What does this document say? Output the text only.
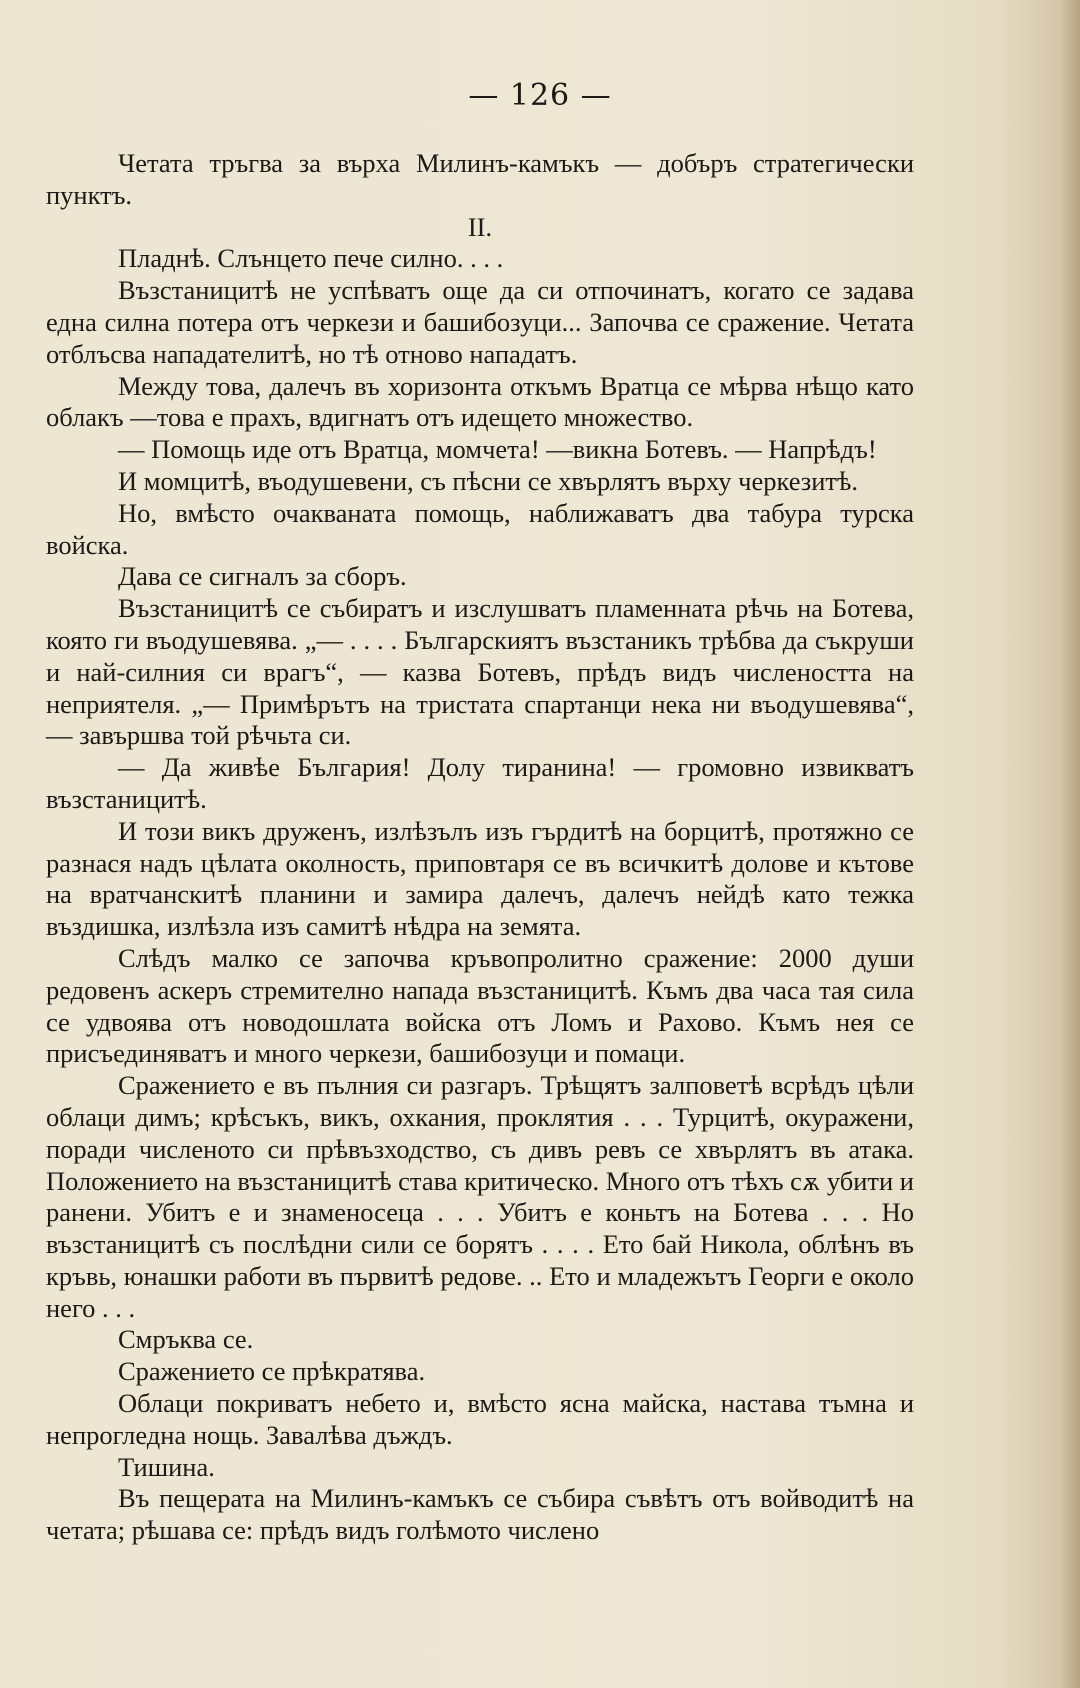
— 126 —

Четата тръгва за върха Милинъ-камъкъ — добъръ стратегически пунктъ.

II.

Пладнѣ. Слънцето пече силно. . . .

Възстаницитѣ не успѣватъ още да си отпочинатъ, когато се задава една силна потера отъ черкези и башибозуци... Започва се сражение. Четата отблъсва нападателитѣ, но тѣ отново нападатъ.

Между това, далечъ въ хоризонта откъмъ Вратца се мѣрва нѣщо като облакъ —това е прахъ, вдигнатъ отъ идещето множество.

— Помощь иде отъ Вратца, момчета! —викна Ботевъ. — Напрѣдъ!

И момцитѣ, въодушевени, съ пѣсни се хвърлятъ върху черкезитѣ.

Но, вмѣсто очакваната помощь, наближаватъ два табура турска войска.

Дава се сигналъ за сборъ.

Възстаницитѣ се събиратъ и изслушватъ пламенната рѣчь на Ботева, която ги въодушевява. „— . . . . Българскиятъ възстаникъ трѣбва да съкруши и най-силния си врагъ“, — казва Ботевъ, прѣдъ видъ числеността на неприятеля. „— Примѣрътъ на тристата спартанци нека ни въодушевява“, — завършва той рѣчьта си.

— Да живѣе България! Долу тиранина! — громовно извикватъ възстаницитѣ.

И този викъ друженъ, излѣзълъ изъ гърдитѣ на борцитѣ, протяжно се разнася надъ цѣлата околность, приповтаря се въ всичкитѣ долове и кътове на вратчанскитѣ планини и замира далечъ, далечъ нейдѣ като тежка въздишка, излѣзла изъ самитѣ нѣдра на земята.

Слѣдъ малко се започва кръвопролитно сражение: 2000 души редовенъ аскеръ стремително напада възстаницитѣ. Къмъ два часа тая сила се удвоява отъ новодошлата войска отъ Ломъ и Рахово. Къмъ нея се присъединяватъ и много черкези, башибозуци и помаци.

Сражението е въ пълния си разгаръ. Трѣщятъ залповетѣ всрѣдъ цѣли облаци димъ; крѣсъкъ, викъ, охкания, проклятия . . . Турцитѣ, окуражени, поради численото си прѣвъзходство, съ дивъ ревъ се хвърлятъ въ атака. Положението на възстаницитѣ става критическо. Много отъ тѣхъ сѫ убити и ранени. Убитъ е и знаменосеца . . . Убитъ е коньтъ на Ботева . . . Но възстаницитѣ съ послѣдни сили се борятъ . . . . Ето бай Никола, облѣнъ въ кръвь, юнашки работи въ първитѣ редове. .. Ето и младежътъ Георги е около него . . .

Смръква се.

Сражението се прѣкратява.

Облаци покриватъ небето и, вмѣсто ясна майска, настава тъмна и непрогледна нощь. Завалѣва дъждъ.

Тишина.

Въ пещерата на Милинъ-камъкъ се събира съвѣтъ отъ войводитѣ на четата; рѣшава се: прѣдъ видъ голѣмото числено
